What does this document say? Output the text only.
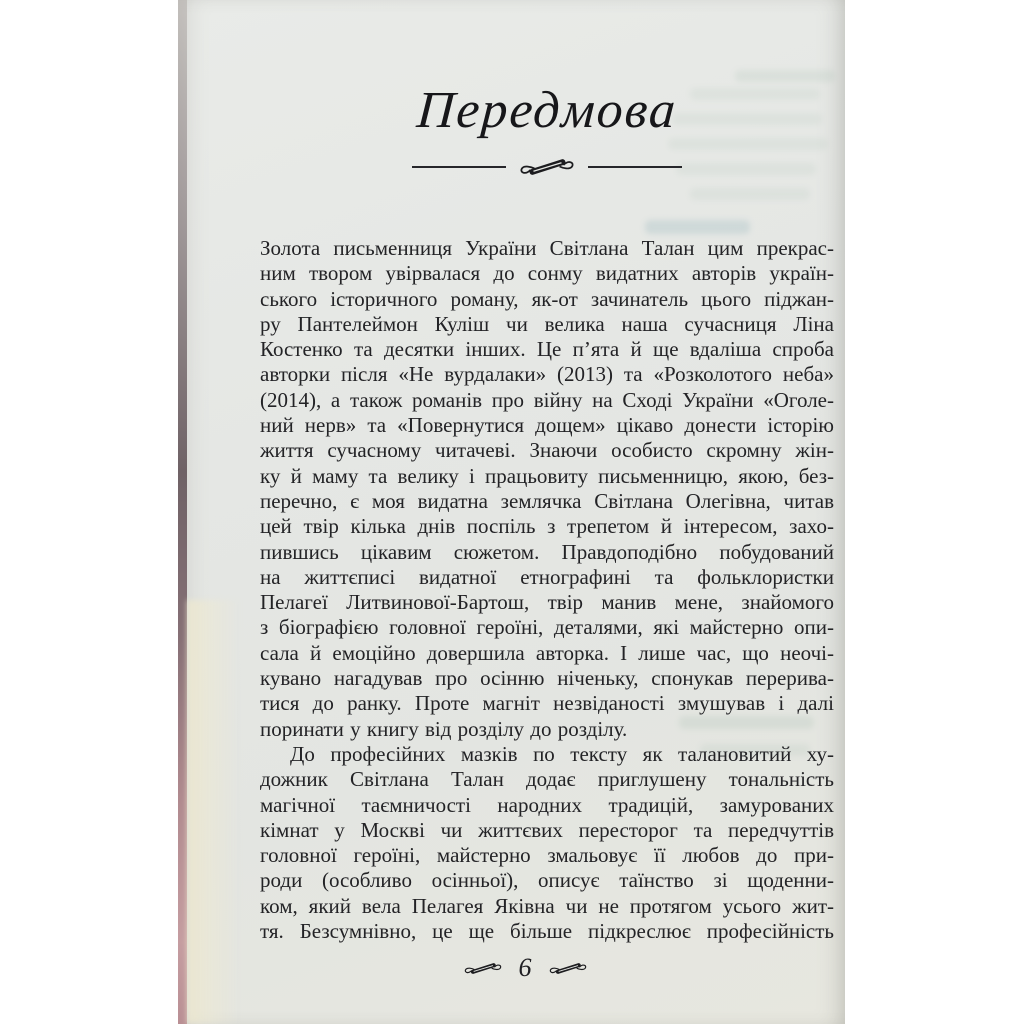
Передмова
Золота письменниця України Світлана Талан цим прекрас-
ним твором увірвалася до сонму видатних авторів україн-
ського історичного роману, як-от зачинатель цього піджан-
ру Пантелеймон Куліш чи велика наша сучасниця Ліна
Костенко та десятки інших. Це п’ята й ще вдаліша спроба
авторки після «Не вурдалаки» (2013) та «Розколотого неба»
(2014), а також романів про війну на Сході України «Оголе-
ний нерв» та «Повернутися дощем» цікаво донести історію
життя сучасному читачеві. Знаючи особисто скромну жін-
ку й маму та велику і працьовиту письменницю, якою, без-
перечно, є моя видатна землячка Світлана Олегівна, читав
цей твір кілька днів поспіль з трепетом й інтересом, захо-
пившись цікавим сюжетом. Правдоподібно побудований
на життєписі видатної етнографині та фольклористки
Пелагеї Литвинової-Бартош, твір манив мене, знайомого
з біографією головної героїні, деталями, які майстерно опи-
сала й емоційно довершила авторка. І лише час, що неочі-
кувано нагадував про осінню ніченьку, спонукав перерива-
тися до ранку. Проте магніт незвіданості змушував і далі
поринати у книгу від розділу до розділу.
До професійних мазків по тексту як талановитий ху-
дожник Світлана Талан додає приглушену тональність
магічної таємничості народних традицій, замурованих
кімнат у Москві чи життєвих пересторог та передчуттів
головної героїні, майстерно змальовує її любов до при-
роди (особливо осінньої), описує таїнство зі щоденни-
ком, який вела Пелагея Яківна чи не протягом усього жит-
тя. Безсумнівно, це ще більше підкреслює професійність
6
